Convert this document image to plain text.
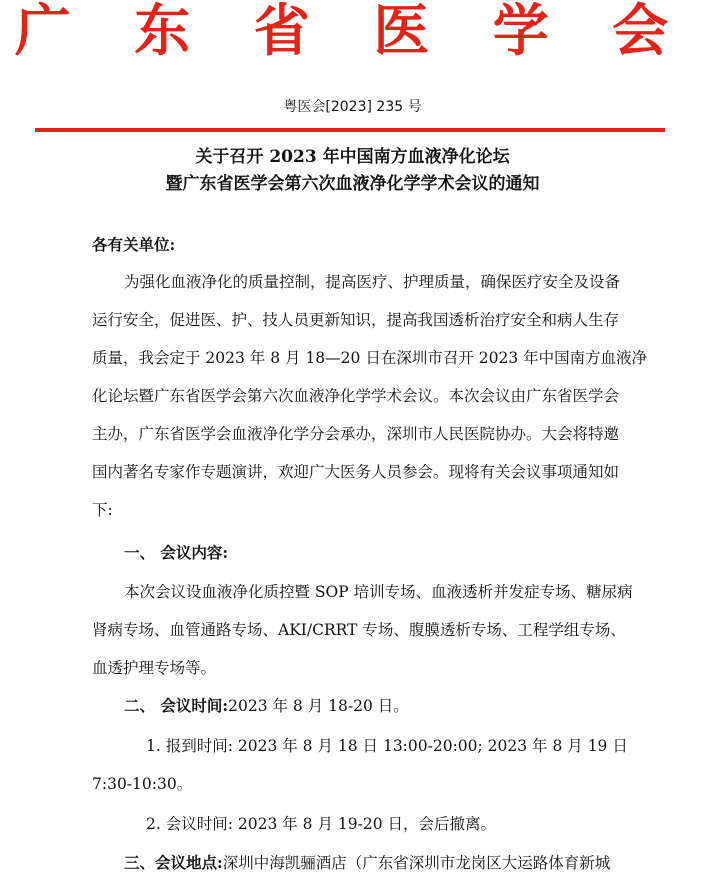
广 东 省 医 学 会
粤医会[2023] 235 号
关于召开 2023 年中国南方血液净化论坛
暨广东省医学会第六次血液净化学学术会议的通知
各有关单位:
为强化血液净化的质量控制，提高医疗、护理质量，确保医疗安全及设备
运行安全，促进医、护、技人员更新知识，提高我国透析治疗安全和病人生存
质量，我会定于 2023 年 8 月 18—20 日在深圳市召开 2023 年中国南方血液净
化论坛暨广东省医学会第六次血液净化学学术会议。本次会议由广东省医学会
主办，广东省医学会血液净化学分会承办，深圳市人民医院协办。大会将特邀
国内著名专家作专题演讲，欢迎广大医务人员参会。现将有关会议事项通知如
下:
一、 会议内容:
本次会议设血液净化质控暨 SOP 培训专场、血液透析并发症专场、糖尿病
肾病专场、血管通路专场、AKI/CRRT 专场、腹膜透析专场、工程学组专场、
血透护理专场等。
二、 会议时间:2023 年 8 月 18-20 日。
1. 报到时间: 2023 年 8 月 18 日 13:00-20:00; 2023 年 8 月 19 日
7:30-10:30。
2. 会议时间: 2023 年 8 月 19-20 日，会后撤离。
三、会议地点:深圳中海凯骊酒店（广东省深圳市龙岗区大运路体育新城
